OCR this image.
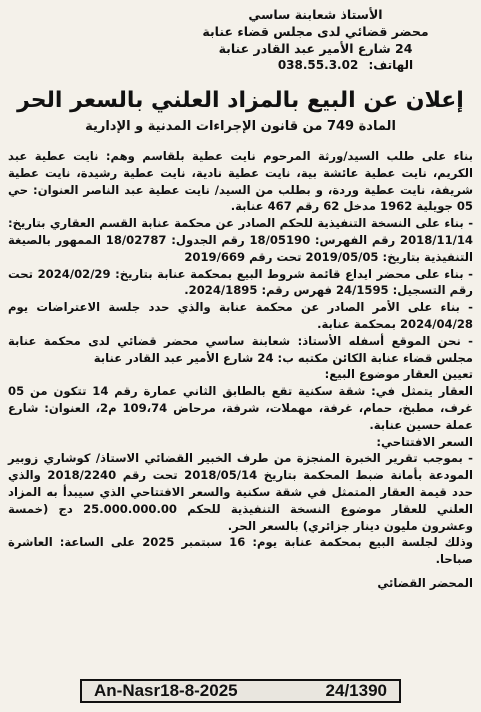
الأستاذ شعابنة ساسي
محضر قضائي لدى مجلس قضاء عنابة
24 شارع الأمير عبد القادر عنابة
الهاتف: 038.55.3.02
إعلان عن البيع بالمزاد العلني بالسعر الحر
المادة 749 من قانون الإجراءات المدنية و الإدارية

بناء على طلب السيد/ورثة المرحوم نايت عطية بلقاسم وهم: نايت عطية عبد الكريم، نايت عطية عائشة بية، نايت عطية نادية، نايت عطية رشيدة، نايت عطية شريفة، نايت عطية وردة، و بطلب من السيد/ نايت عطية عبد الناصر العنوان: حي 05 جويلية 1962 مدخل 62 رقم 467 عنابة.

- بناء على النسخة التنفيذية للحكم الصادر عن محكمة عنابة القسم العقاري بتاريخ: 2018/11/14 رقم الفهرس: 18/05190 رقم الجدول: 18/02787 الممهور بالصيغة التنفيذية بتاريخ: 2019/05/05 تحت رقم 2019/669

- بناء على محضر ايداع قائمة شروط البيع بمحكمة عنابة بتاريخ: 2024/02/29 تحت رقم التسجيل: 24/1595 فهرس رقم: 2024/1895.

- بناء على الأمر الصادر عن محكمة عنابة والذي حدد جلسة الاعتراضات يوم 2024/04/28 بمحكمة عنابة.

- نحن الموقع أسفله الأستاذ: شعابنة ساسي محضر قضائي لدى محكمة عنابة مجلس قضاء عنابة الكائن مكتبه ب: 24 شارع الأمير عبد القادر عنابة

تعيين العقار موضوع البيع:

العقار يتمثل في: شقة سكنية تقع بالطابق الثاني عمارة رقم 14 تتكون من 05 غرف، مطبخ، حمام، غرفة، مهملات، شرفة، مرحاض 109،74 م2، العنوان: شارع عملة حسين عنابة.

السعر الافتتاحي:

- بموجب تقرير الخبرة المنجزة من طرف الخبير القضائي الاستاذ/ كوشاري زوبير المودعة بأمانة ضبط المحكمة بتاريخ 2018/05/14 تحت رقم 2018/2240 والذي حدد قيمة العقار المتمثل في شقة سكنية والسعر الافتتاحي الذي سيبدأ به المزاد العلني للعقار موضوع النسخة التنفيذية للحكم 25.000.000.00 دج (خمسة وعشرون مليون دينار جزائري) بالسعر الحر.

وذلك لجلسة البيع بمحكمة عنابة يوم: 16 سبتمبر 2025 على الساعة: العاشرة صباحا.

المحضر القضائي
An-Nasr18-8-2025	24/1390
